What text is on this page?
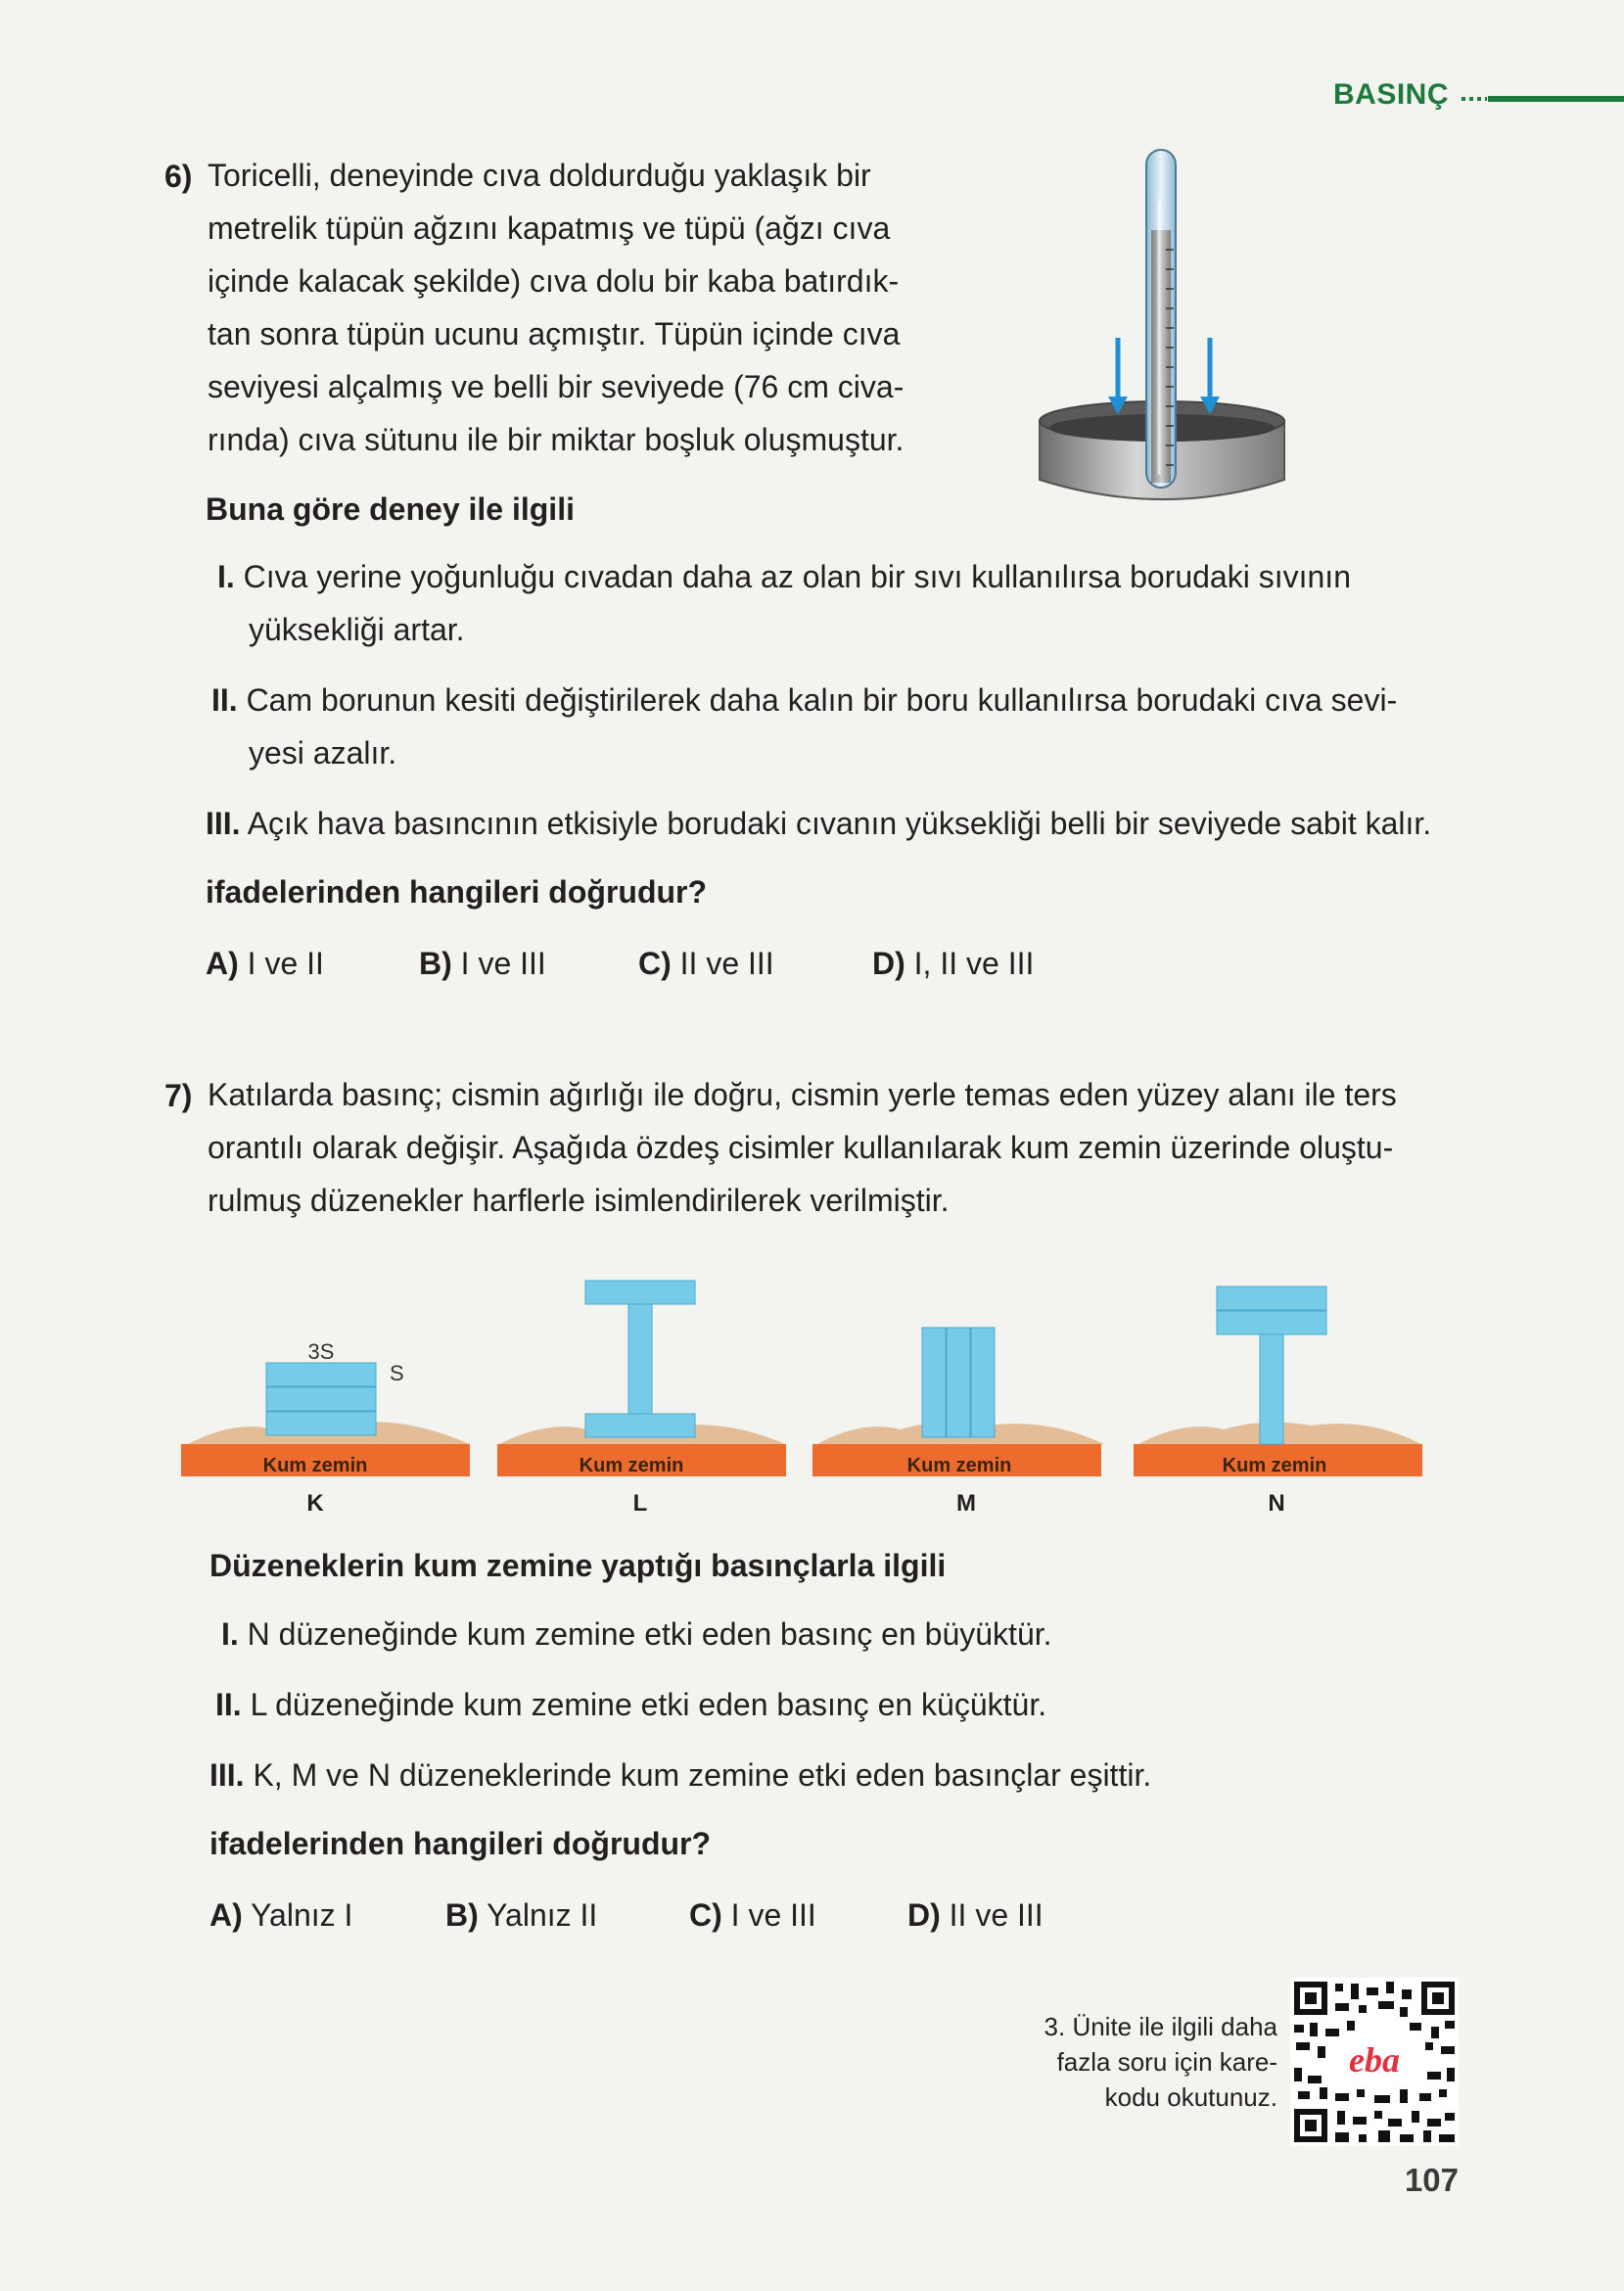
BASINÇ
6) Toricelli, deneyinde cıva doldurduğu yaklaşık bir

metrelik tüpün ağzını kapatmış ve tüpü (ağzı cıva

içinde kalacak şekilde) cıva dolu bir kaba batırdık-

tan sonra tüpün ucunu açmıştır. Tüpün içinde cıva

seviyesi alçalmış ve belli bir seviyede (76 cm civa-

rında) cıva sütunu ile bir miktar boşluk oluşmuştur.

Buna göre deney ile ilgili
I. Cıva yerine yoğunluğu cıvadan daha az olan bir sıvı kullanılırsa borudaki sıvının
yüksekliği artar.
II. Cam borunun kesiti değiştirilerek daha kalın bir boru kullanılırsa borudaki cıva sevi-
yesi azalır.
III. Açık hava basıncının etkisiyle borudaki cıvanın yüksekliği belli bir seviyede sabit kalır.
ifadelerinden hangileri doğrudur?
A) I ve II	B) I ve III	C) II ve III	D) I, II ve III
7) Katılarda basınç; cismin ağırlığı ile doğru, cismin yerle temas eden yüzey alanı ile ters

orantılı olarak değişir. Aşağıda özdeş cisimler kullanılarak kum zemin üzerinde oluştu-

rulmuş düzenekler harflerle isimlendirilerek verilmiştir.

Kum zemin
3S
S
Kum zemin	Kum zemin	Kum zemin
K	L	M	N
Düzeneklerin kum zemine yaptığı basınçlarla ilgili
I. N düzeneğinde kum zemine etki eden basınç en büyüktür.
II. L düzeneğinde kum zemine etki eden basınç en küçüktür.
III. K, M ve N düzeneklerinde kum zemine etki eden basınçlar eşittir.
ifadelerinden hangileri doğrudur?
A) Yalnız I	B) Yalnız II	C) I ve III	D) II ve III
3. Ünite ile ilgili daha
fazla soru için kare-
kodu okutunuz.
eba
107
